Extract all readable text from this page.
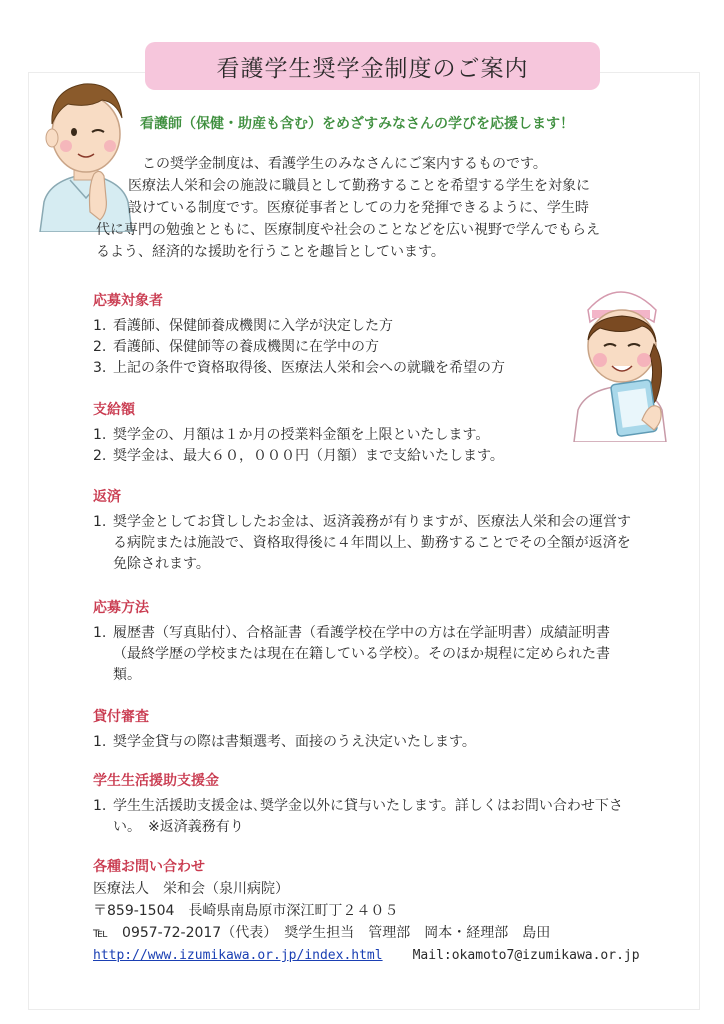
看護学生奨学金制度のご案内
看護師（保健・助産も含む）をめざすみなさんの学びを応援します！

　この奨学金制度は、看護学生のみなさんにご案内するものです。

医療法人栄和会の施設に職員として勤務することを希望する学生を対象に

設けている制度です。医療従事者としての力を発揮できるように、学生時

代に専門の勉強とともに、医療制度や社会のことなどを広い視野で学んでもらえ

るよう、経済的な援助を行うことを趣旨としています。

応募対象者
1. 看護師、保健師養成機関に入学が決定した方
2. 看護師、保健師等の養成機関に在学中の方
3. 上記の条件で資格取得後、医療法人栄和会への就職を希望の方
支給額
1. 奨学金の、月額は１か月の授業料金額を上限といたします。
2. 奨学金は、最大６０，０００円（月額）まで支給いたします。
返済
1. 奨学金としてお貸ししたお金は、返済義務が有りますが、医療法人栄和会の運営する病院または施設で、資格取得後に４年間以上、勤務することでその全額が返済を免除されます。
応募方法
1. 履歴書（写真貼付）、合格証書（看護学校在学中の方は在学証明書）成績証明書（最終学歴の学校または現在在籍している学校）。そのほか規程に定められた書類。
貸付審査
1. 奨学金貸与の際は書類選考、面接のうえ決定いたします。
学生生活援助支援金
1. 学生生活援助支援金は､奨学金以外に貸与いたします。詳しくはお問い合わせ下さい。　※返済義務有り
各種お問い合わせ
医療法人　栄和会（泉川病院）
〒859-1504　長崎県南島原市深江町丁２４０５
℡　0957-72-2017（代表）　奨学生担当　管理部　岡本・経理部　島田
http://www.izumikawa.or.jp/index.html Mail:okamoto7@izumikawa.or.jp
